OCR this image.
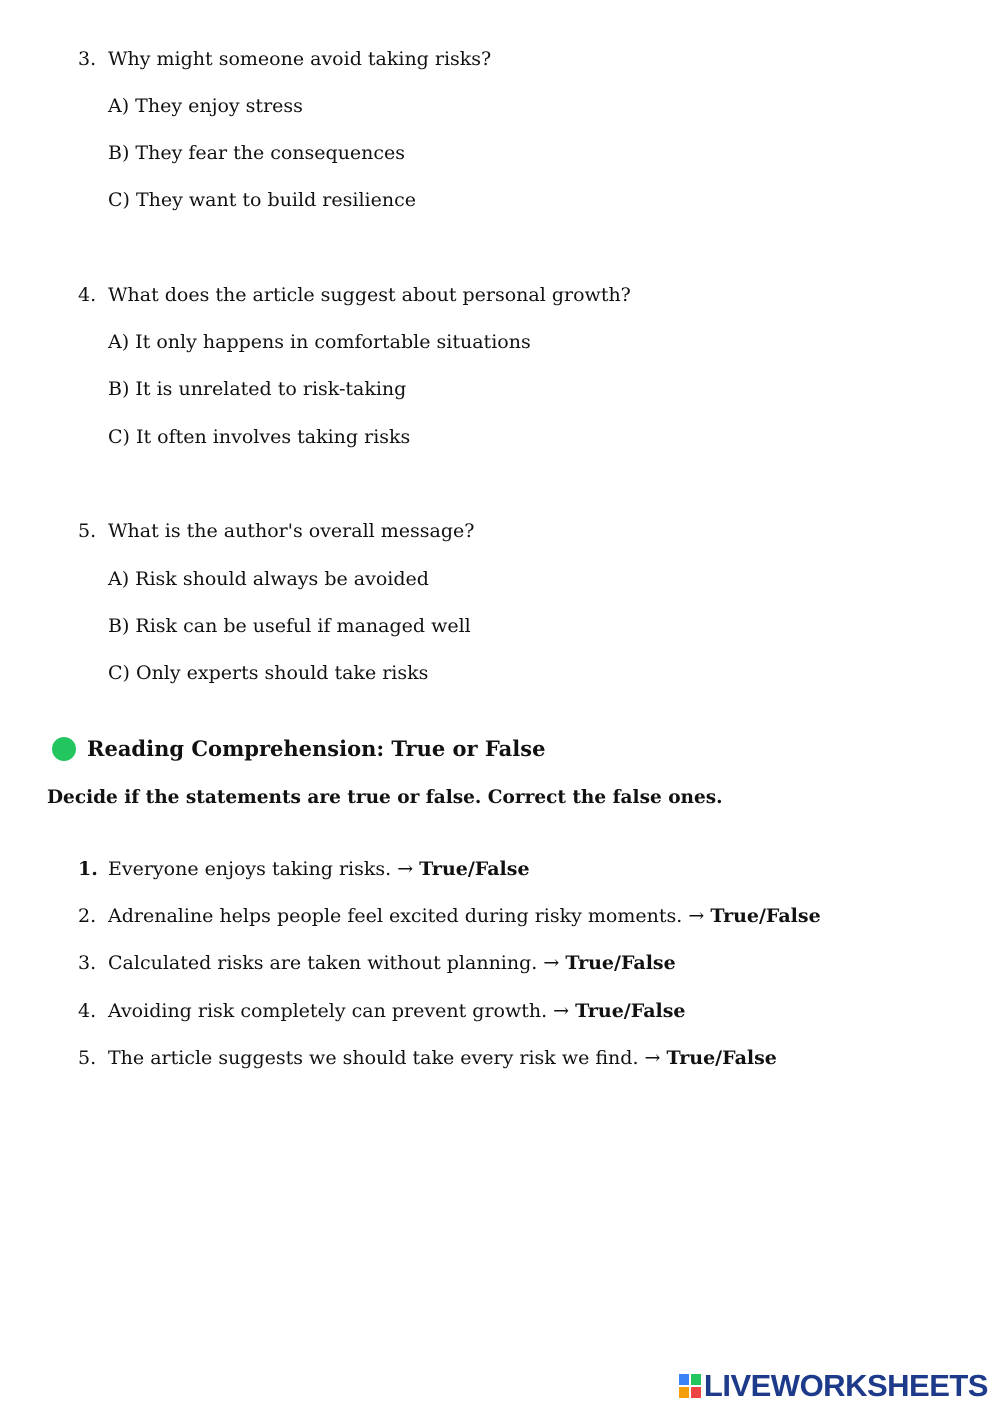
3. Why might someone avoid taking risks?
A) They enjoy stress
B) They fear the consequences
C) They want to build resilience
4. What does the article suggest about personal growth?
A) It only happens in comfortable situations
B) It is unrelated to risk-taking
C) It often involves taking risks
5. What is the author's overall message?
A) Risk should always be avoided
B) Risk can be useful if managed well
C) Only experts should take risks
Reading Comprehension: True or False
Decide if the statements are true or false. Correct the false ones.
1. Everyone enjoys taking risks. → True/False
2. Adrenaline helps people feel excited during risky moments. → True/False
3. Calculated risks are taken without planning. → True/False
4. Avoiding risk completely can prevent growth. → True/False
5. The article suggests we should take every risk we find. → True/False
LIVEWORKSHEETS
